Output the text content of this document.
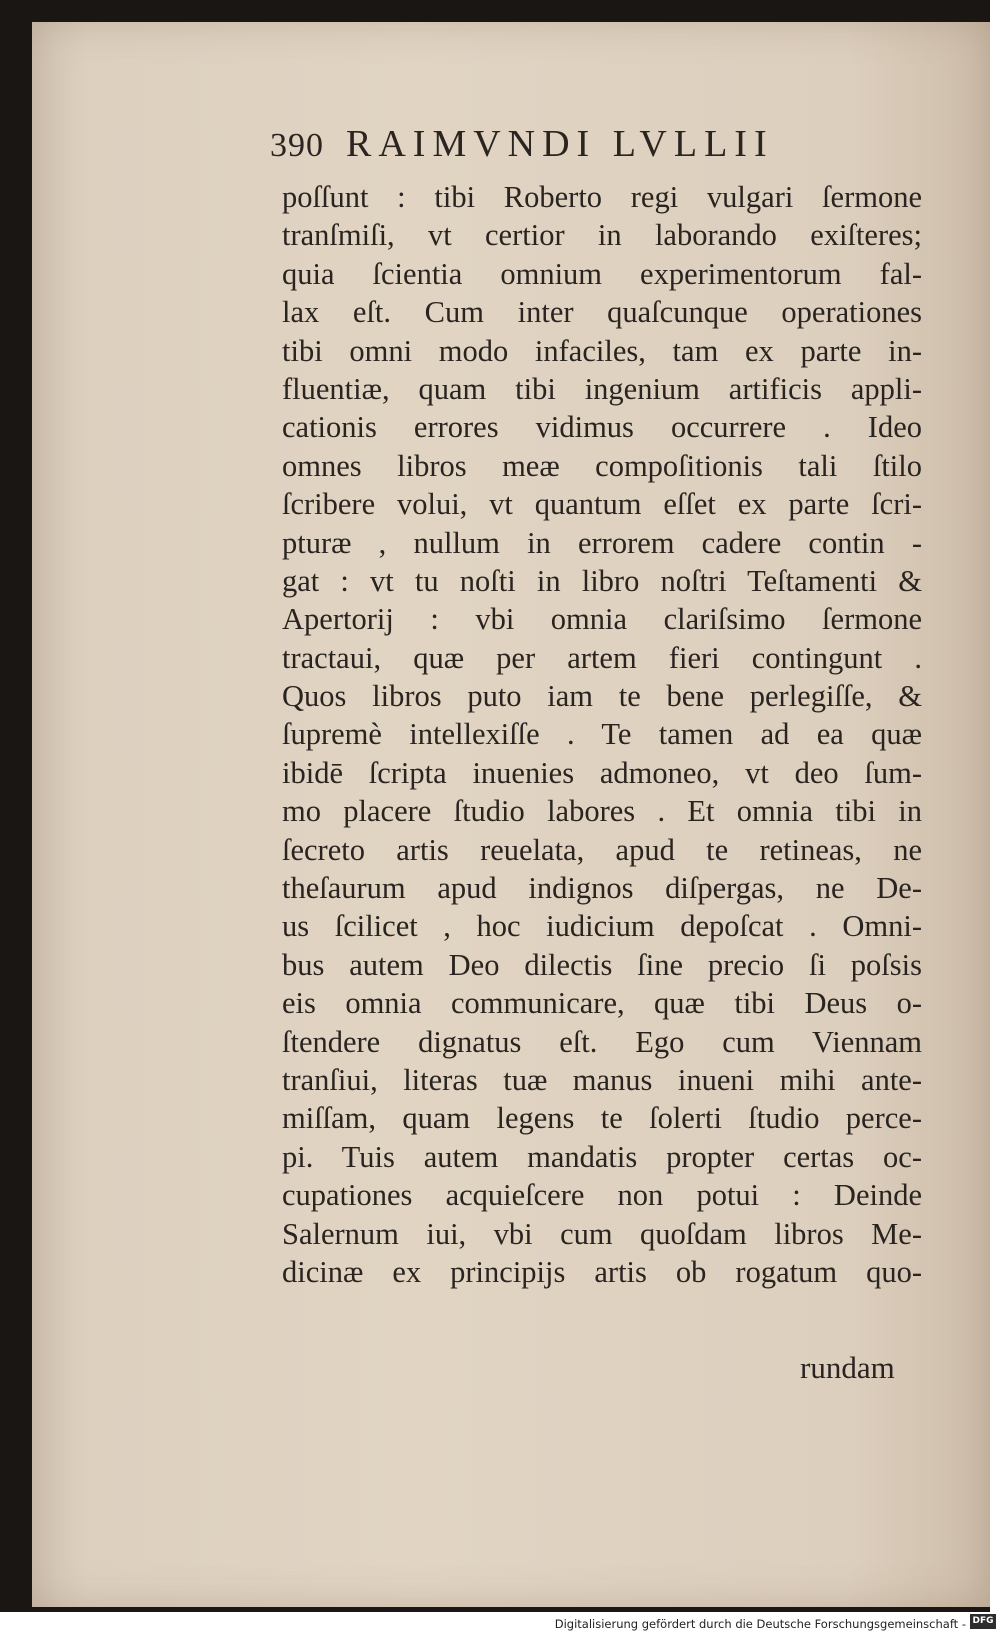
390 RAIMVNDI LVLLII
poſſunt : tibi Roberto regi vulgari ſermone
tranſmiſi, vt certior in laborando exiſteres;
quia ſcientia omnium experimentorum fal-
lax eſt. Cum inter quaſcunque operationes
tibi omni modo infaciles, tam ex parte in-
fluentiæ, quam tibi ingenium artificis appli-
cationis errores vidimus occurrere . Ideo
omnes libros meæ compoſitionis tali ſtilo
ſcribere volui, vt quantum eſſet ex parte ſcri-
pturæ , nullum in errorem cadere contin -
gat : vt tu noſti in libro noſtri Teſtamenti &
Apertorij : vbi omnia clariſsimo ſermone
tractaui, quæ per artem fieri contingunt .
Quos libros puto iam te bene perlegiſſe, &
ſupremè intellexiſſe . Te tamen ad ea quæ
ibidē ſcripta inuenies admoneo, vt deo ſum-
mo placere ſtudio labores . Et omnia tibi in
ſecreto artis reuelata, apud te retineas, ne
theſaurum apud indignos diſpergas, ne De-
us ſcilicet , hoc iudicium depoſcat . Omni-
bus autem Deo dilectis ſine precio ſi poſsis
eis omnia communicare, quæ tibi Deus o-
ſtendere dignatus eſt. Ego cum Viennam
tranſiui, literas tuæ manus inueni mihi ante-
miſſam, quam legens te ſolerti ſtudio perce-
pi. Tuis autem mandatis propter certas oc-
cupationes acquieſcere non potui : Deinde
Salernum iui, vbi cum quoſdam libros Me-
dicinæ ex principijs artis ob rogatum quo-
rundam
Digitalisierung gefördert durch die Deutsche Forschungsgemeinschaft - DFG
